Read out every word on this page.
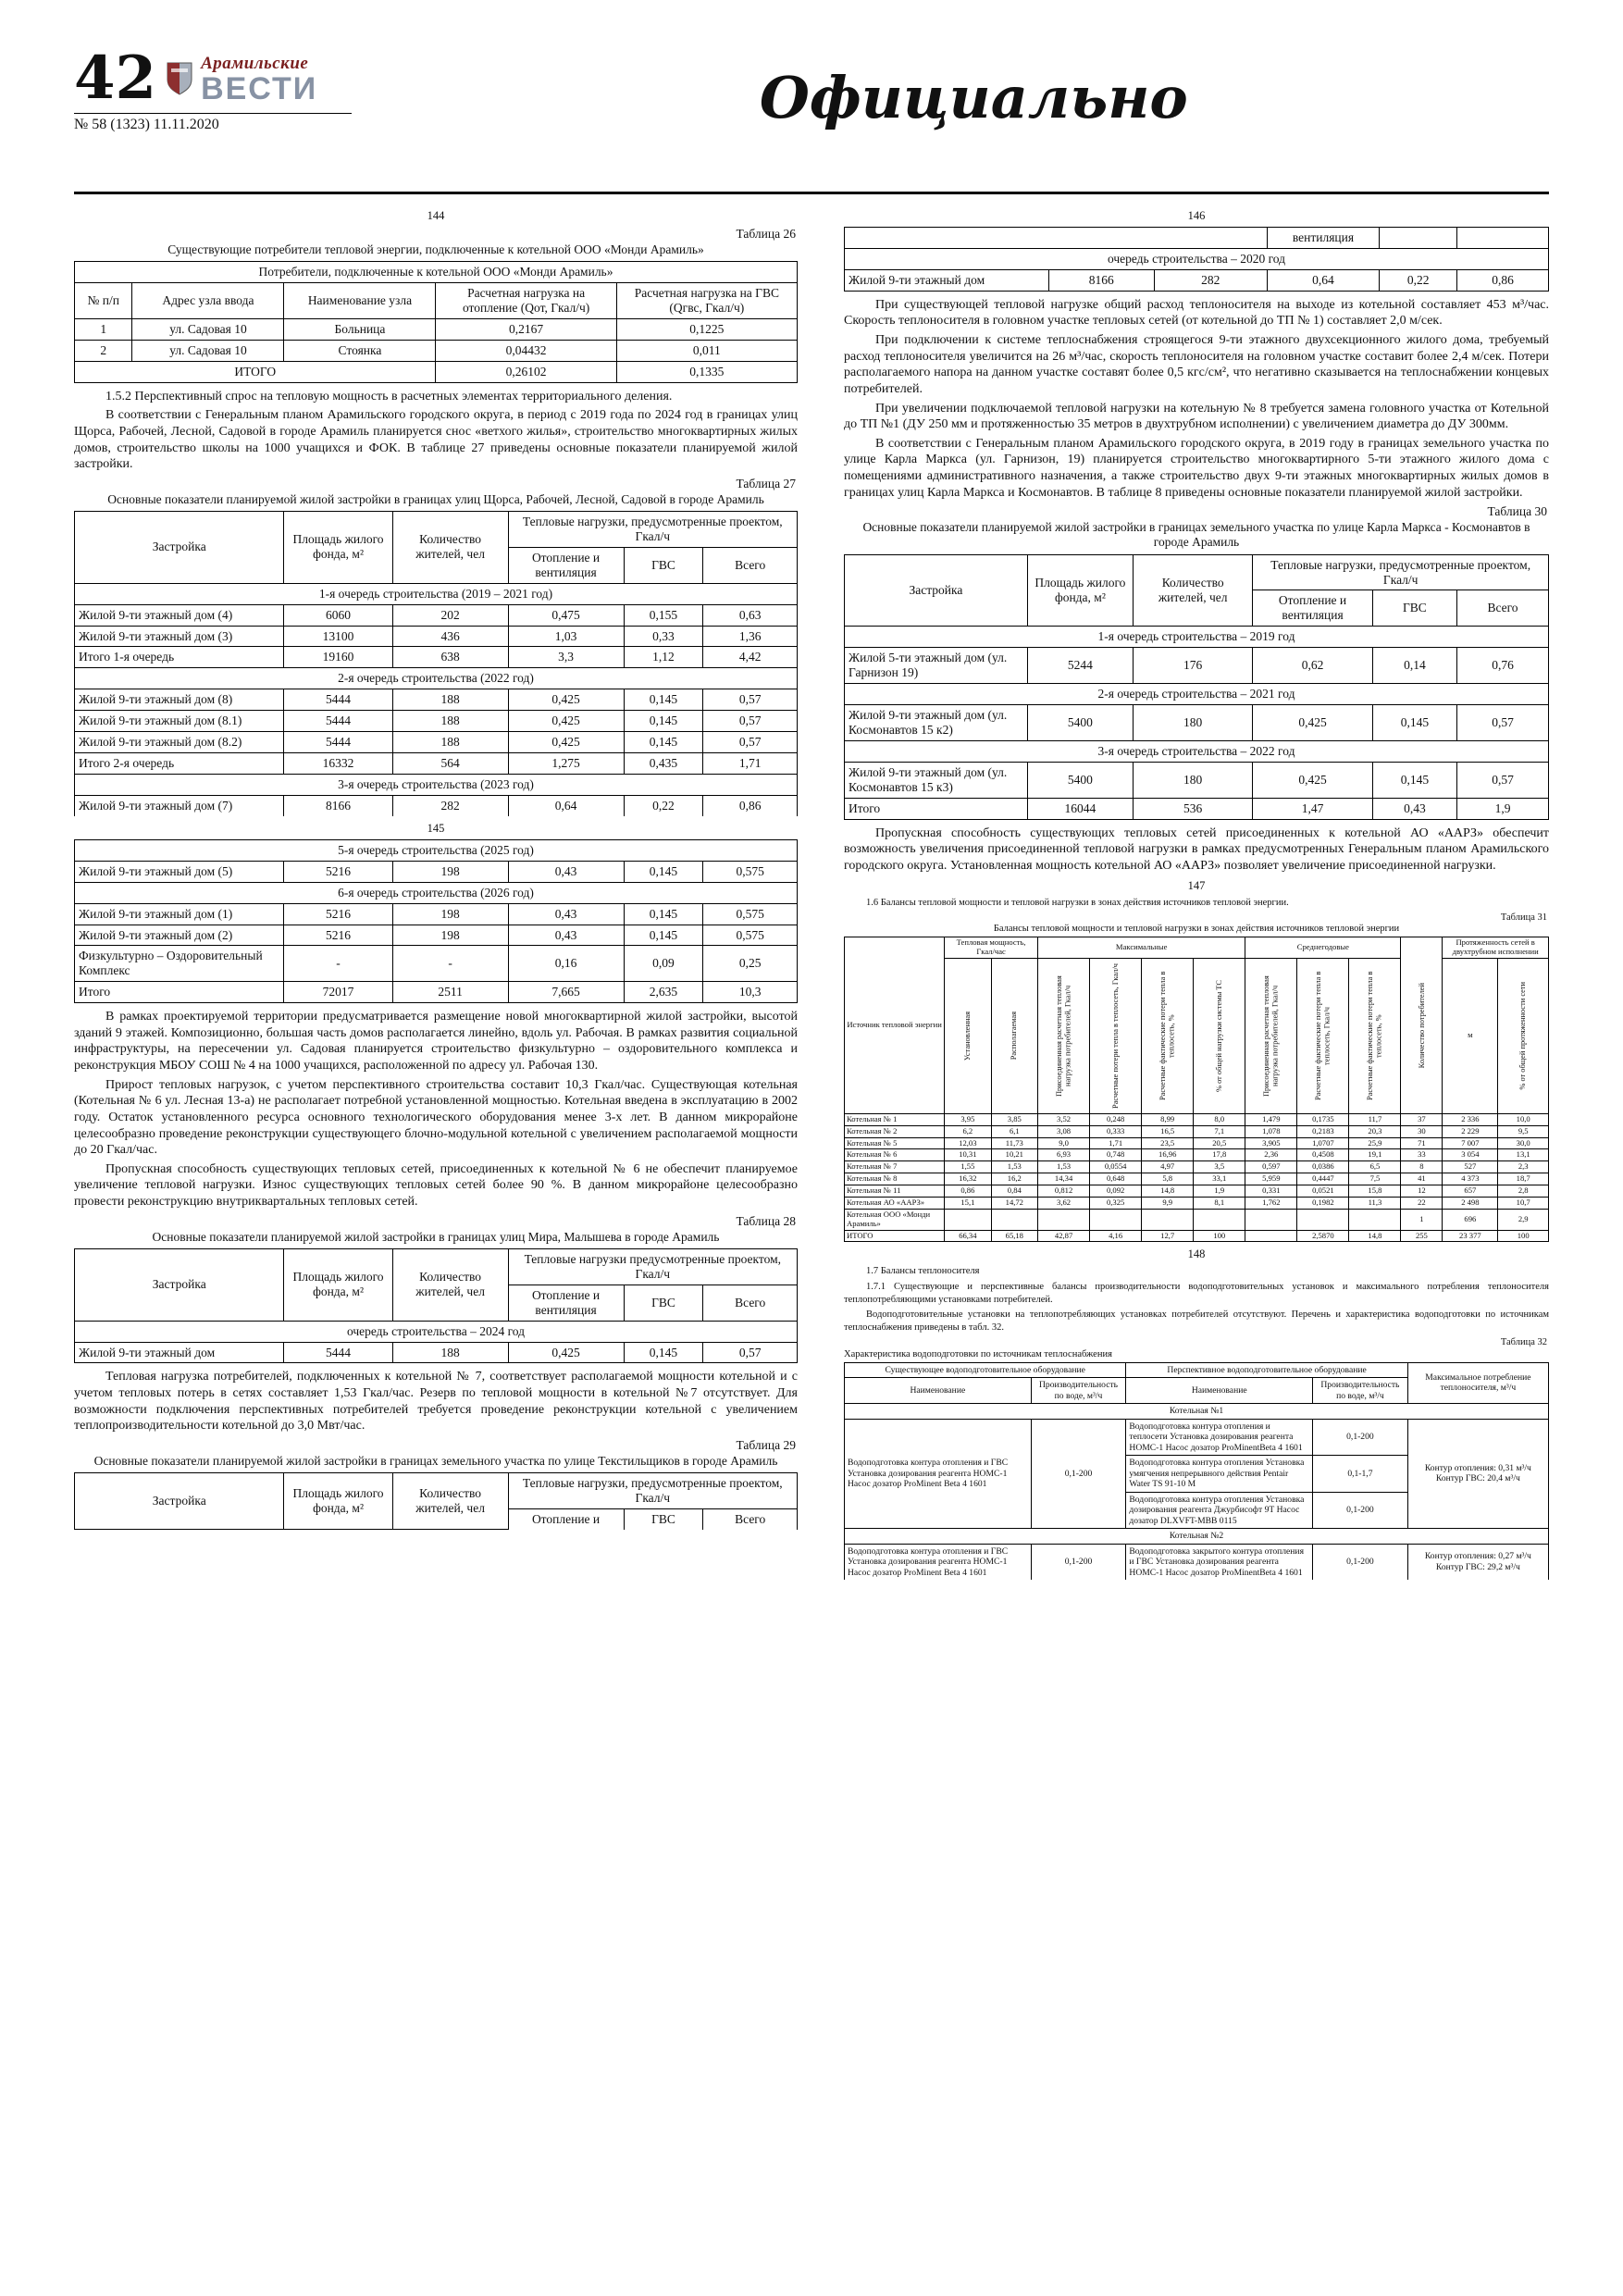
42	Арамильские
ВЕСТИ
№ 58 (1323) 11.11.2020	Официально
144
Таблица 26
Существующие потребители тепловой энергии, подключенные к котельной ООО «Монди Арамиль»
Потребители, подключенные к котельной ООО «Монди Арамиль»				
№ п/п	Адрес узла ввода	Наименование узла	Расчетная нагрузка на отопление (Qот, Гкал/ч)	Расчетная нагрузка на ГВС (Qгвс, Гкал/ч)
1	ул. Садовая 10	Больница	0,2167	0,1225
2	ул. Садовая 10	Стоянка	0,04432	0,011
ИТОГО			0,26102	0,1335

1.5.2 Перспективный спрос на тепловую мощность в расчетных элементах территориального деления.

В соответствии с Генеральным планом Арамильского городского округа, в период с 2019 года по 2024 год в границах улиц Щорса, Рабочей, Лесной, Садовой в городе Арамиль планируется снос «ветхого жилья», строительство многоквартирных жилых домов, строительство школы на 1000 учащихся и ФОК. В таблице 27 приведены основные показатели планируемой жилой застройки.

Таблица 27
Основные показатели планируемой жилой застройки в границах улиц Щорса, Рабочей, Лесной, Садовой в городе Арамиль
Застройка	Площадь жилого фонда, м²	Количество жителей, чел	Тепловые нагрузки, предусмотренные проектом, Гкал/ч		
			Отопление и вентиляция	ГВС	Всего
1-я очередь строительства (2019 – 2021 год)					
Жилой 9-ти этажный дом (4)	6060	202	0,475	0,155	0,63
Жилой 9-ти этажный дом (3)	13100	436	1,03	0,33	1,36
Итого 1-я очередь	19160	638	3,3	1,12	4,42
2-я очередь строительства (2022 год)					
Жилой 9-ти этажный дом (8)	5444	188	0,425	0,145	0,57
Жилой 9-ти этажный дом (8.1)	5444	188	0,425	0,145	0,57
Жилой 9-ти этажный дом (8.2)	5444	188	0,425	0,145	0,57
Итого 2-я очередь	16332	564	1,275	0,435	1,71
3-я очередь строительства (2023 год)					
Жилой 9-ти этажный дом (7)	8166	282	0,64	0,22	0,86
145
5-я очередь строительства (2025 год)					
Жилой 9-ти этажный дом (5)	5216	198	0,43	0,145	0,575
6-я очередь строительства (2026 год)					
Жилой 9-ти этажный дом (1)	5216	198	0,43	0,145	0,575
Жилой 9-ти этажный дом (2)	5216	198	0,43	0,145	0,575
Физкультурно – Оздоровительный Комплекс	-	-	0,16	0,09	0,25
Итого	72017	2511	7,665	2,635	10,3

В рамках проектируемой территории предусматривается размещение новой многоквартирной жилой застройки, высотой зданий 9 этажей. Композиционно, большая часть домов располагается линейно, вдоль ул. Рабочая. В рамках развития социальной инфраструктуры, на пересечении ул. Садовая планируется строительство физкультурно – оздоровительного комплекса и реконструкция МБОУ СОШ № 4 на 1000 учащихся, расположенной по адресу ул. Рабочая 130.

Прирост тепловых нагрузок, с учетом перспективного строительства составит 10,3 Гкал/час. Существующая котельная (Котельная № 6 ул. Лесная 13-а) не располагает потребной установленной мощностью. Котельная введена в эксплуатацию в 2002 году. Остаток установленного ресурса основного технологического оборудования менее 3-х лет. В данном микрорайоне целесообразно проведение реконструкции существующего блочно-модульной котельной с увеличением располагаемой мощности до 20 Гкал/час.

Пропускная способность существующих тепловых сетей, присоединенных к котельной № 6 не обеспечит планируемое увеличение тепловой нагрузки. Износ существующих тепловых сетей более 90 %. В данном микрорайоне целесообразно провести реконструкцию внутриквартальных тепловых сетей.

Таблица 28
Основные показатели планируемой жилой застройки в границах улиц Мира, Малышева в городе Арамиль
Застройка	Площадь жилого фонда, м²	Количество жителей, чел	Тепловые нагрузки предусмотренные проектом, Гкал/ч		
			Отопление и вентиляция	ГВС	Всего
очередь строительства – 2024 год					
Жилой 9-ти этажный дом	5444	188	0,425	0,145	0,57

Тепловая нагрузка потребителей, подключенных к котельной № 7, соответствует располагаемой мощности котельной и с учетом тепловых потерь в сетях составляет 1,53 Гкал/час. Резерв по тепловой мощности в котельной №7 отсутствует. Для возможности подключения перспективных потребителей требуется проведение реконструкции котельной с увеличением теплопроизводительности котельной до 3,0 Мвт/час.

Таблица 29
Основные показатели планируемой жилой застройки в границах земельного участка по улице Текстильщиков в городе Арамиль
Застройка	Площадь жилого фонда, м²	Количество жителей, чел	Тепловые нагрузки, предусмотренные проектом, Гкал/ч		
			Отопление и	ГВС	Всего
146
			вентиляция		
очередь строительства – 2020 год					
Жилой 9-ти этажный дом	8166	282	0,64	0,22	0,86

При существующей тепловой нагрузке общий расход теплоносителя на выходе из котельной составляет 453 м³/час. Скорость теплоносителя в головном участке тепловых сетей (от котельной до ТП № 1) составляет 2,0 м/сек.

При подключении к системе теплоснабжения строящегося 9-ти этажного двухсекционного жилого дома, требуемый расход теплоносителя увеличится на 26 м³/час, скорость теплоносителя на головном участке составит более 2,4 м/сек. Потери располагаемого напора на данном участке составят более 0,5 кгс/см², что негативно сказывается на теплоснабжении концевых потребителей.

При увеличении подключаемой тепловой нагрузки на котельную № 8 требуется замена головного участка от Котельной до ТП №1 (ДУ 250 мм и протяженностью 35 метров в двухтрубном исполнении) с увеличением диаметра до ДУ 300мм.

В соответствии с Генеральным планом Арамильского городского округа, в 2019 году в границах земельного участка по улице Карла Маркса (ул. Гарнизон, 19) планируется строительство многоквартирного 5-ти этажного жилого дома с помещениями административного назначения, а также строительство двух 9-ти этажных многоквартирных жилых домов в границах улиц Карла Маркса и Космонавтов. В таблице 8 приведены основные показатели планируемой жилой застройки.

Таблица 30
Основные показатели планируемой жилой застройки в границах земельного участка по улице Карла Маркса - Космонавтов в городе Арамиль
Застройка	Площадь жилого фонда, м²	Количество жителей, чел	Тепловые нагрузки, предусмотренные проектом, Гкал/ч		
			Отопление и вентиляция	ГВС	Всего
1-я очередь строительства – 2019 год					
Жилой 5-ти этажный дом (ул. Гарнизон 19)	5244	176	0,62	0,14	0,76
2-я очередь строительства – 2021 год					
Жилой 9-ти этажный дом (ул. Космонавтов 15 к2)	5400	180	0,425	0,145	0,57
3-я очередь строительства – 2022 год					
Жилой 9-ти этажный дом (ул. Космонавтов 15 к3)	5400	180	0,425	0,145	0,57
Итого	16044	536	1,47	0,43	1,9

Пропускная способность существующих тепловых сетей присоединенных к котельной АО «ААРЗ» обеспечит возможность увеличения присоединенной тепловой нагрузки в рамках предусмотренных Генеральным планом Арамильского городского округа. Установленная мощность котельной АО «ААРЗ» позволяет увеличение присоединенной нагрузки.

147

1.6 Балансы тепловой мощности и тепловой нагрузки в зонах действия источников тепловой энергии.

Таблица 31
Балансы тепловой мощности и тепловой нагрузки в зонах действия источников тепловой энергии
Источник тепловой энергии	Тепловая мощность, Гкал/час		Максимальные				Среднегодовые			Количество потребителей	Протяженность сетей в двухтрубном исполнении	

	Установленная	Располагаемая	Присоединенная расчетная тепловая нагрузка потребителей, Гкал/ч	Расчетные потери тепла в теплосеть, Гкал/ч	Расчетные фактические потери тепла в теплосеть, %	% от общей нагрузки системы ТС	Присоединенная расчетная тепловая нагрузка потребителей, Гкал/ч	Расчетные фактические потери тепла в теплосеть, Гкал/ч	Расчетные фактические потери тепла в теплосеть, %		м	% от общей протяженности сети

Котельная № 1	3,95	3,85	3,52	0,248	8,99	8,0	1,479	0,1735	11,7	37	2 336	10,0
Котельная № 2	6,2	6,1	3,08	0,333	16,5	7,1	1,078	0,2183	20,3	30	2 229	9,5
Котельная № 5	12,03	11,73	9,0	1,71	23,5	20,5	3,905	1,0707	25,9	71	7 007	30,0
Котельная № 6	10,31	10,21	6,93	0,748	16,96	17,8	2,36	0,4508	19,1	33	3 054	13,1
Котельная № 7	1,55	1,53	1,53	0,0554	4,97	3,5	0,597	0,0386	6,5	8	527	2,3
Котельная № 8	16,32	16,2	14,34	0,648	5,8	33,1	5,959	0,4447	7,5	41	4 373	18,7
Котельная № 11	0,86	0,84	0,812	0,092	14,8	1,9	0,331	0,0521	15,8	12	657	2,8
Котельная АО «ААРЗ»	15,1	14,72	3,62	0,325	9,9	8,1	1,762	0,1982	11,3	22	2 498	10,7
Котельная ООО «Монди Арамиль»										1	696	2,9
ИТОГО	66,34	65,18	42,87	4,16	12,7	100		2,5870	14,8	255	23 377	100
148

1.7 Балансы теплоносителя

1.7.1 Существующие и перспективные балансы производительности водоподготовительных установок и максимального потребления теплоносителя теплопотребляющими установками потребителей.

Водоподготовительные установки на теплопотребляющих установках потребителей отсутствуют. Перечень и характеристика водоподготовки по источникам теплоснабжения приведены в табл. 32.

Таблица 32
Характеристика водоподготовки по источникам теплоснабжения
Существующее водоподготовительное оборудование		Перспективное водоподготовительное оборудование		Максимальное потребление теплоносителя, м³/ч
Наименование	Производительность по воде, м³/ч	Наименование	Производительность по воде, м³/ч	
Котельная №1				
Водоподготовка контура отопления и ГВС Установка дозирования реагента НОМС-1 Насос дозатор ProMinent Beta 4 1601	0,1-200	Водоподготовка контура отопления и теплосети Установка дозирования реагента НОМС-1 Насос дозатор ProMinentBeta 4 1601	0,1-200	Контур отопления: 0,31 м³/ч Контур ГВС: 20,4 м³/ч
		Водоподготовка контура отопления Установка умягчения непрерывного действия Pentair Water TS 91-10 M	0,1-1,7	
		Водоподготовка контура отопления Установка дозирования реагента Джурбисофт 9Т Насос дозатор DLXVFT-MBB 0115	0,1-200	
Котельная №2				
Водоподготовка контура отопления и ГВС Установка дозирования реагента НОМС-1 Насос дозатор ProMinent Beta 4 1601	0,1-200	Водоподготовка закрытого контура отопления и ГВС Установка дозирования реагента НОМС-1 Насос дозатор ProMinentBeta 4 1601	0,1-200	Контур отопления: 0,27 м³/ч Контур ГВС: 29,2 м³/ч
